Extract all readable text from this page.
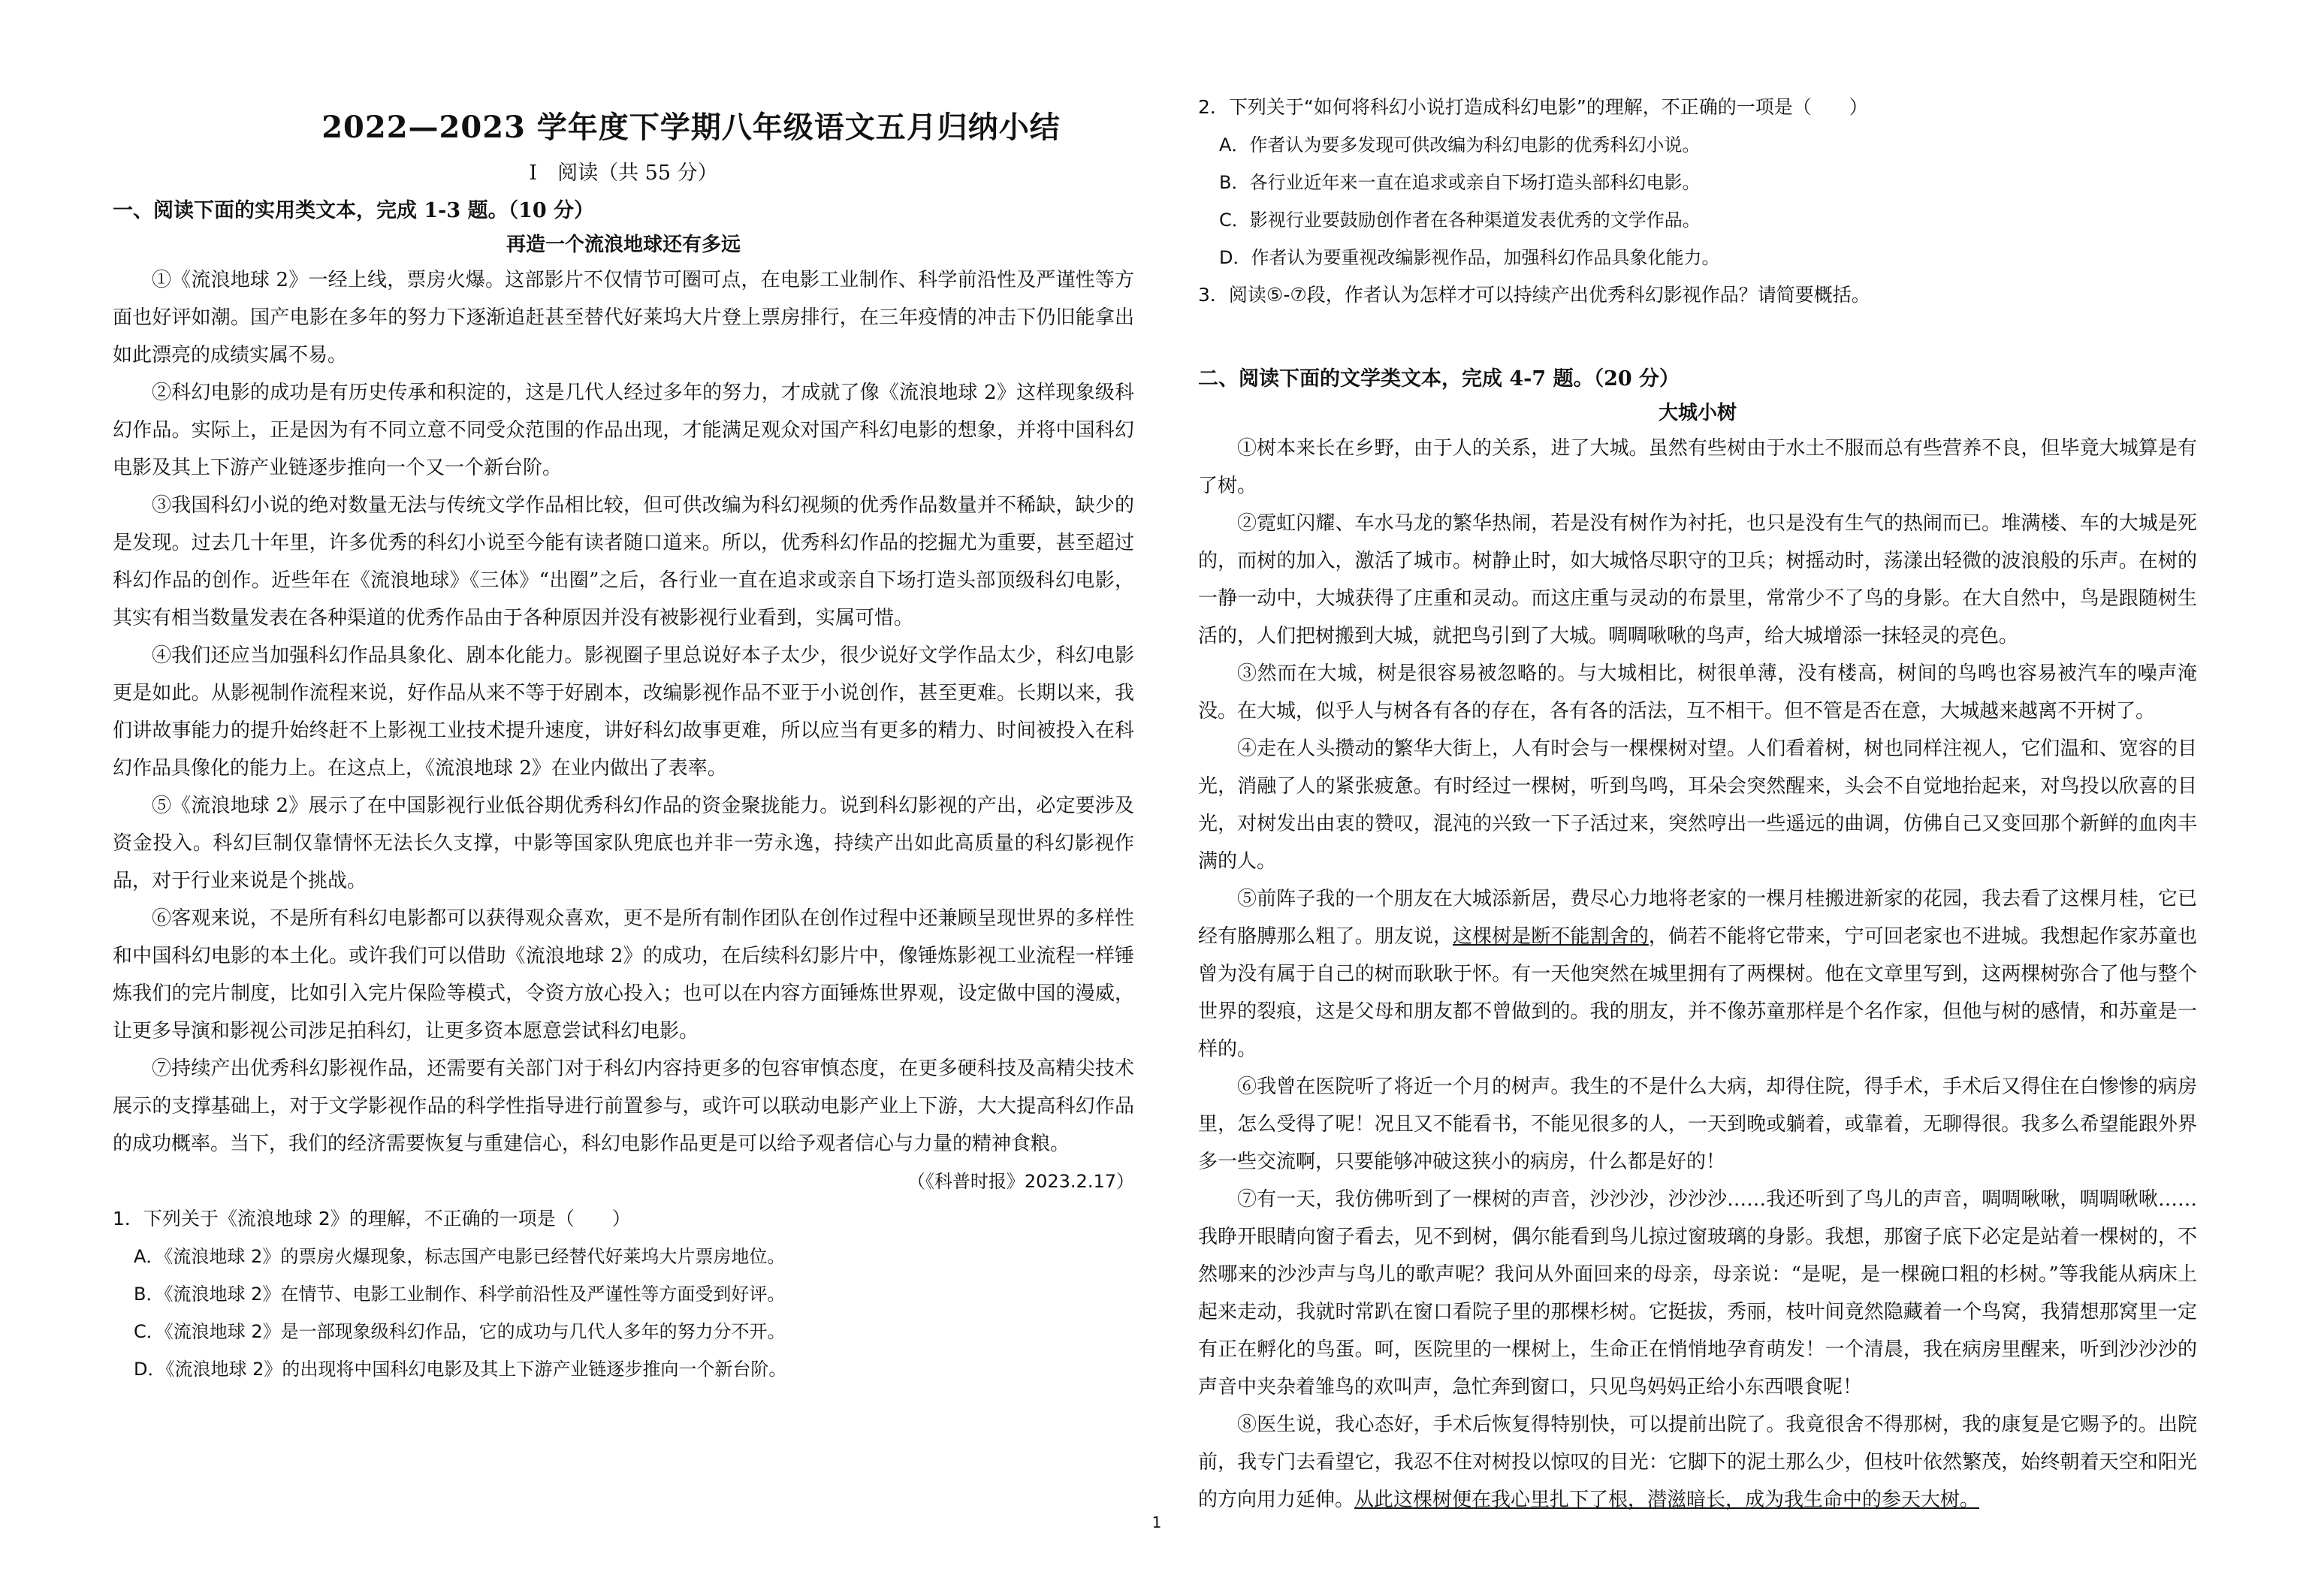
2022—2023 学年度下学期八年级语文五月归纳小结
Ⅰ　阅读（共 55 分）
一、阅读下面的实用类文本，完成 1-3 题。（10 分）
再造一个流浪地球还有多远

①《流浪地球 2》一经上线，票房火爆。这部影片不仅情节可圈可点，在电影工业制作、科学前沿性及严谨性等方面也好评如潮。国产电影在多年的努力下逐渐追赶甚至替代好莱坞大片登上票房排行，在三年疫情的冲击下仍旧能拿出如此漂亮的成绩实属不易。

②科幻电影的成功是有历史传承和积淀的，这是几代人经过多年的努力，才成就了像《流浪地球 2》这样现象级科幻作品。实际上，正是因为有不同立意不同受众范围的作品出现，才能满足观众对国产科幻电影的想象，并将中国科幻电影及其上下游产业链逐步推向一个又一个新台阶。

③我国科幻小说的绝对数量无法与传统文学作品相比较，但可供改编为科幻视频的优秀作品数量并不稀缺，缺少的是发现。过去几十年里，许多优秀的科幻小说至今能有读者随口道来。所以，优秀科幻作品的挖掘尤为重要，甚至超过科幻作品的创作。近些年在《流浪地球》《三体》“出圈”之后，各行业一直在追求或亲自下场打造头部顶级科幻电影，其实有相当数量发表在各种渠道的优秀作品由于各种原因并没有被影视行业看到，实属可惜。

④我们还应当加强科幻作品具象化、剧本化能力。影视圈子里总说好本子太少，很少说好文学作品太少，科幻电影更是如此。从影视制作流程来说，好作品从来不等于好剧本，改编影视作品不亚于小说创作，甚至更难。长期以来，我们讲故事能力的提升始终赶不上影视工业技术提升速度，讲好科幻故事更难，所以应当有更多的精力、时间被投入在科幻作品具像化的能力上。在这点上，《流浪地球 2》在业内做出了表率。

⑤《流浪地球 2》展示了在中国影视行业低谷期优秀科幻作品的资金聚拢能力。说到科幻影视的产出，必定要涉及资金投入。科幻巨制仅靠情怀无法长久支撑，中影等国家队兜底也并非一劳永逸，持续产出如此高质量的科幻影视作品，对于行业来说是个挑战。

⑥客观来说，不是所有科幻电影都可以获得观众喜欢，更不是所有制作团队在创作过程中还兼顾呈现世界的多样性和中国科幻电影的本土化。或许我们可以借助《流浪地球 2》的成功，在后续科幻影片中，像锤炼影视工业流程一样锤炼我们的完片制度，比如引入完片保险等模式，令资方放心投入；也可以在内容方面锤炼世界观，设定做中国的漫威，让更多导演和影视公司涉足拍科幻，让更多资本愿意尝试科幻电影。

⑦持续产出优秀科幻影视作品，还需要有关部门对于科幻内容持更多的包容审慎态度，在更多硬科技及高精尖技术展示的支撑基础上，对于文学影视作品的科学性指导进行前置参与，或许可以联动电影产业上下游，大大提高科幻作品的成功概率。当下，我们的经济需要恢复与重建信心，科幻电影作品更是可以给予观者信心与力量的精神食粮。

（《科普时报》2023.2.17）
1．下列关于《流浪地球 2》的理解，不正确的一项是（　　）
A．《流浪地球 2》的票房火爆现象，标志国产电影已经替代好莱坞大片票房地位。
B．《流浪地球 2》在情节、电影工业制作、科学前沿性及严谨性等方面受到好评。
C．《流浪地球 2》是一部现象级科幻作品，它的成功与几代人多年的努力分不开。
D．《流浪地球 2》的出现将中国科幻电影及其上下游产业链逐步推向一个新台阶。
2．下列关于“如何将科幻小说打造成科幻电影”的理解，不正确的一项是（　　）
A．作者认为要多发现可供改编为科幻电影的优秀科幻小说。
B．各行业近年来一直在追求或亲自下场打造头部科幻电影。
C．影视行业要鼓励创作者在各种渠道发表优秀的文学作品。
D．作者认为要重视改编影视作品，加强科幻作品具象化能力。
3．阅读⑤-⑦段，作者认为怎样才可以持续产出优秀科幻影视作品？请简要概括。
二、阅读下面的文学类文本，完成 4-7 题。（20 分）
大城小树

①树本来长在乡野，由于人的关系，进了大城。虽然有些树由于水土不服而总有些营养不良，但毕竟大城算是有了树。

②霓虹闪耀、车水马龙的繁华热闹，若是没有树作为衬托，也只是没有生气的热闹而已。堆满楼、车的大城是死的，而树的加入，激活了城市。树静止时，如大城恪尽职守的卫兵；树摇动时，荡漾出轻微的波浪般的乐声。在树的一静一动中，大城获得了庄重和灵动。而这庄重与灵动的布景里，常常少不了鸟的身影。在大自然中，鸟是跟随树生活的，人们把树搬到大城，就把鸟引到了大城。啁啁啾啾的鸟声，给大城增添一抹轻灵的亮色。

③然而在大城，树是很容易被忽略的。与大城相比，树很单薄，没有楼高，树间的鸟鸣也容易被汽车的噪声淹没。在大城，似乎人与树各有各的存在，各有各的活法，互不相干。但不管是否在意，大城越来越离不开树了。

④走在人头攒动的繁华大街上，人有时会与一棵棵树对望。人们看着树，树也同样注视人，它们温和、宽容的目光，消融了人的紧张疲惫。有时经过一棵树，听到鸟鸣，耳朵会突然醒来，头会不自觉地抬起来，对鸟投以欣喜的目光，对树发出由衷的赞叹，混沌的兴致一下子活过来，突然哼出一些遥远的曲调，仿佛自己又变回那个新鲜的血肉丰满的人。

⑤前阵子我的一个朋友在大城添新居，费尽心力地将老家的一棵月桂搬进新家的花园，我去看了这棵月桂，它已经有胳膊那么粗了。朋友说，这棵树是断不能割舍的，倘若不能将它带来，宁可回老家也不进城。我想起作家苏童也曾为没有属于自己的树而耿耿于怀。有一天他突然在城里拥有了两棵树。他在文章里写到，这两棵树弥合了他与整个世界的裂痕，这是父母和朋友都不曾做到的。我的朋友，并不像苏童那样是个名作家，但他与树的感情，和苏童是一样的。

⑥我曾在医院听了将近一个月的树声。我生的不是什么大病，却得住院，得手术，手术后又得住在白惨惨的病房里，怎么受得了呢！况且又不能看书，不能见很多的人，一天到晚或躺着，或靠着，无聊得很。我多么希望能跟外界多一些交流啊，只要能够冲破这狭小的病房，什么都是好的！

⑦有一天，我仿佛听到了一棵树的声音，沙沙沙，沙沙沙……我还听到了鸟儿的声音，啁啁啾啾，啁啁啾啾……我睁开眼睛向窗子看去，见不到树，偶尔能看到鸟儿掠过窗玻璃的身影。我想，那窗子底下必定是站着一棵树的，不然哪来的沙沙声与鸟儿的歌声呢？我问从外面回来的母亲，母亲说：“是呢，是一棵碗口粗的杉树。”等我能从病床上起来走动，我就时常趴在窗口看院子里的那棵杉树。它挺拔，秀丽，枝叶间竟然隐藏着一个鸟窝，我猜想那窝里一定有正在孵化的鸟蛋。呵，医院里的一棵树上，生命正在悄悄地孕育萌发！一个清晨，我在病房里醒来，听到沙沙沙的声音中夹杂着雏鸟的欢叫声，急忙奔到窗口，只见鸟妈妈正给小东西喂食呢！

⑧医生说，我心态好，手术后恢复得特别快，可以提前出院了。我竟很舍不得那树，我的康复是它赐予的。出院前，我专门去看望它，我忍不住对树投以惊叹的目光：它脚下的泥土那么少，但枝叶依然繁茂，始终朝着天空和阳光的方向用力延伸。从此这棵树便在我心里扎下了根，潜滋暗长，成为我生命中的参天大树。

1
